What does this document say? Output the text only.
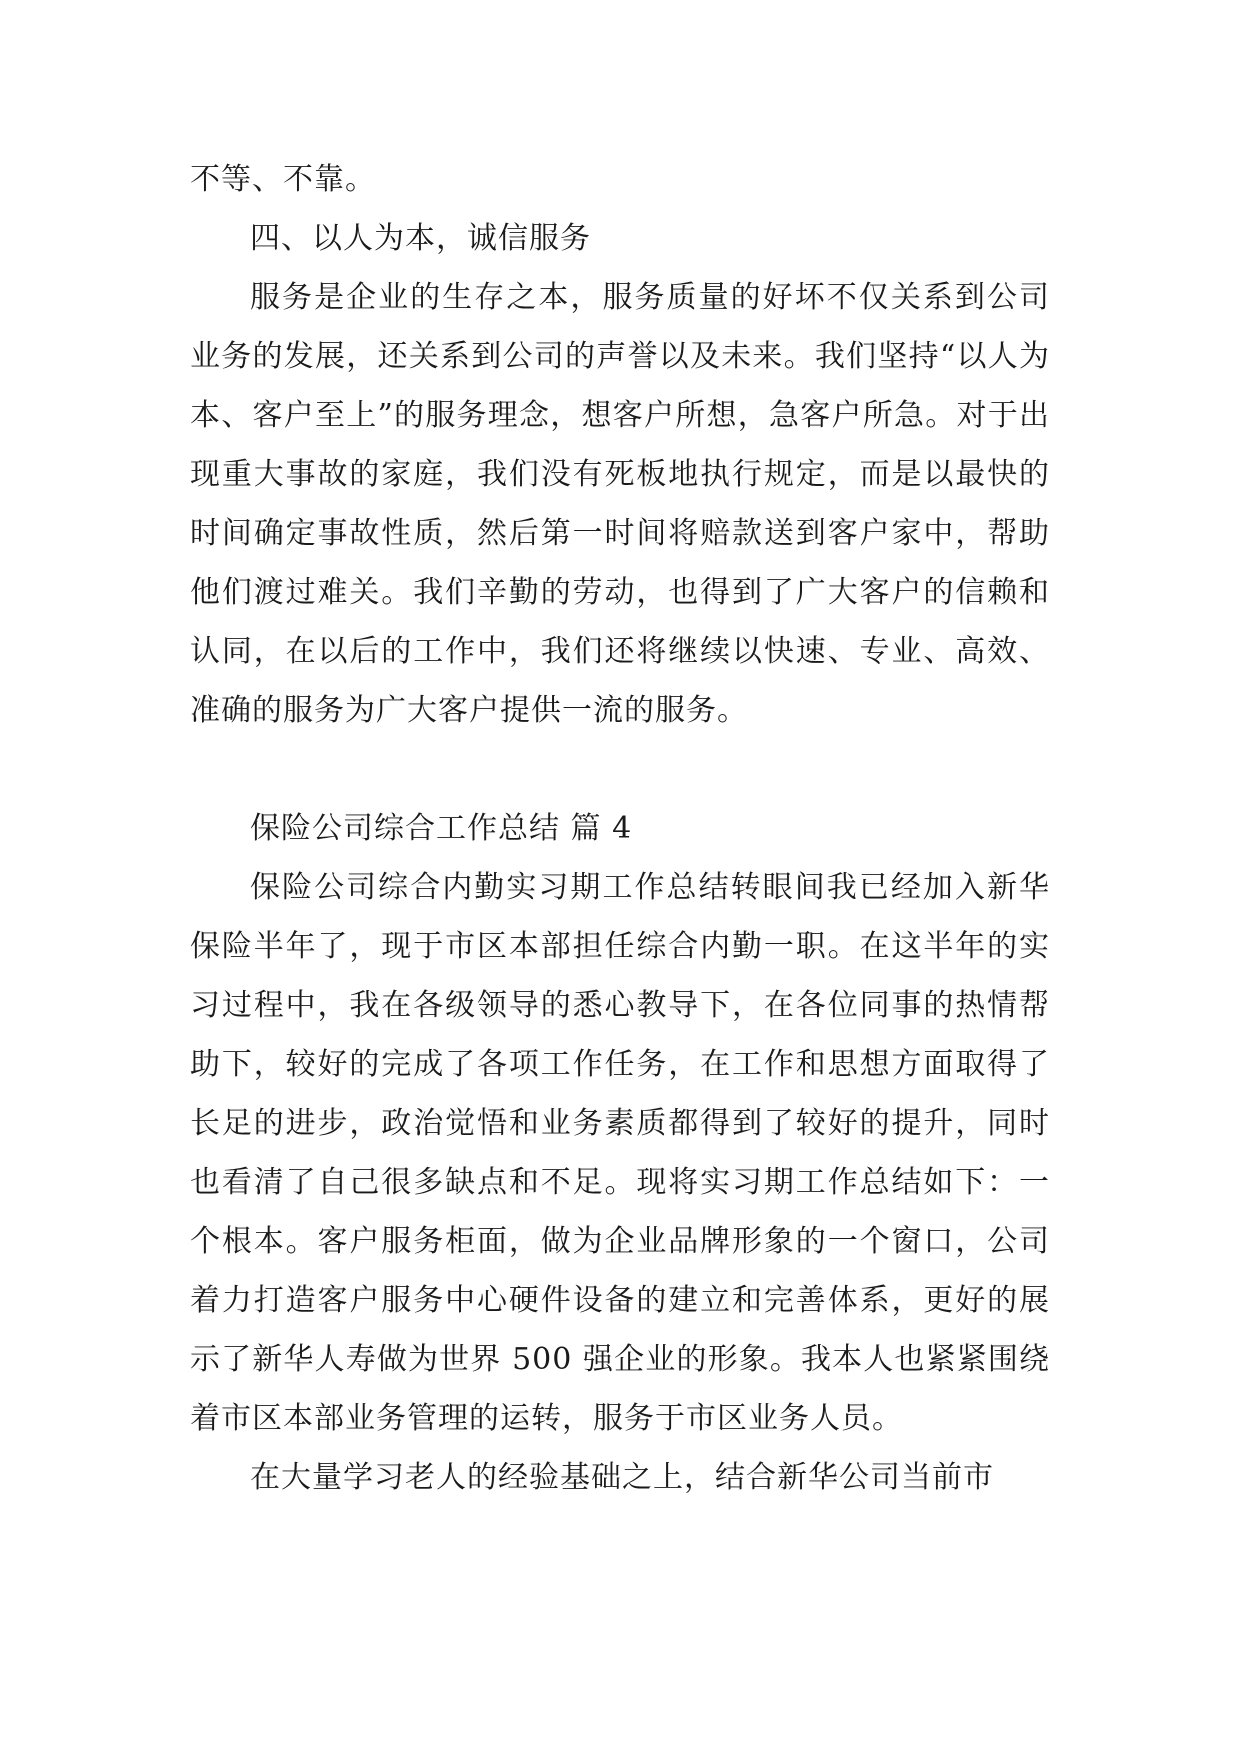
不等、不靠。

四、以人为本，诚信服务

服务是企业的生存之本，服务质量的好坏不仅关系到公司业务的发展，还关系到公司的声誉以及未来。我们坚持“以人为本、客户至上”的服务理念，想客户所想，急客户所急。对于出现重大事故的家庭，我们没有死板地执行规定，而是以最快的时间确定事故性质，然后第一时间将赔款送到客户家中，帮助他们渡过难关。我们辛勤的劳动，也得到了广大客户的信赖和认同，在以后的工作中，我们还将继续以快速、专业、高效、准确的服务为广大客户提供一流的服务。

保险公司综合工作总结 篇 4

保险公司综合内勤实习期工作总结转眼间我已经加入新华保险半年了，现于市区本部担任综合内勤一职。在这半年的实习过程中，我在各级领导的悉心教导下，在各位同事的热情帮助下，较好的完成了各项工作任务，在工作和思想方面取得了长足的进步，政治觉悟和业务素质都得到了较好的提升，同时也看清了自己很多缺点和不足。现将实习期工作总结如下：一个根本。客户服务柜面，做为企业品牌形象的一个窗口，公司着力打造客户服务中心硬件设备的建立和完善体系，更好的展示了新华人寿做为世界 500 强企业的形象。我本人也紧紧围绕着市区本部业务管理的运转，服务于市区业务人员。

在大量学习老人的经验基础之上，结合新华公司当前市
